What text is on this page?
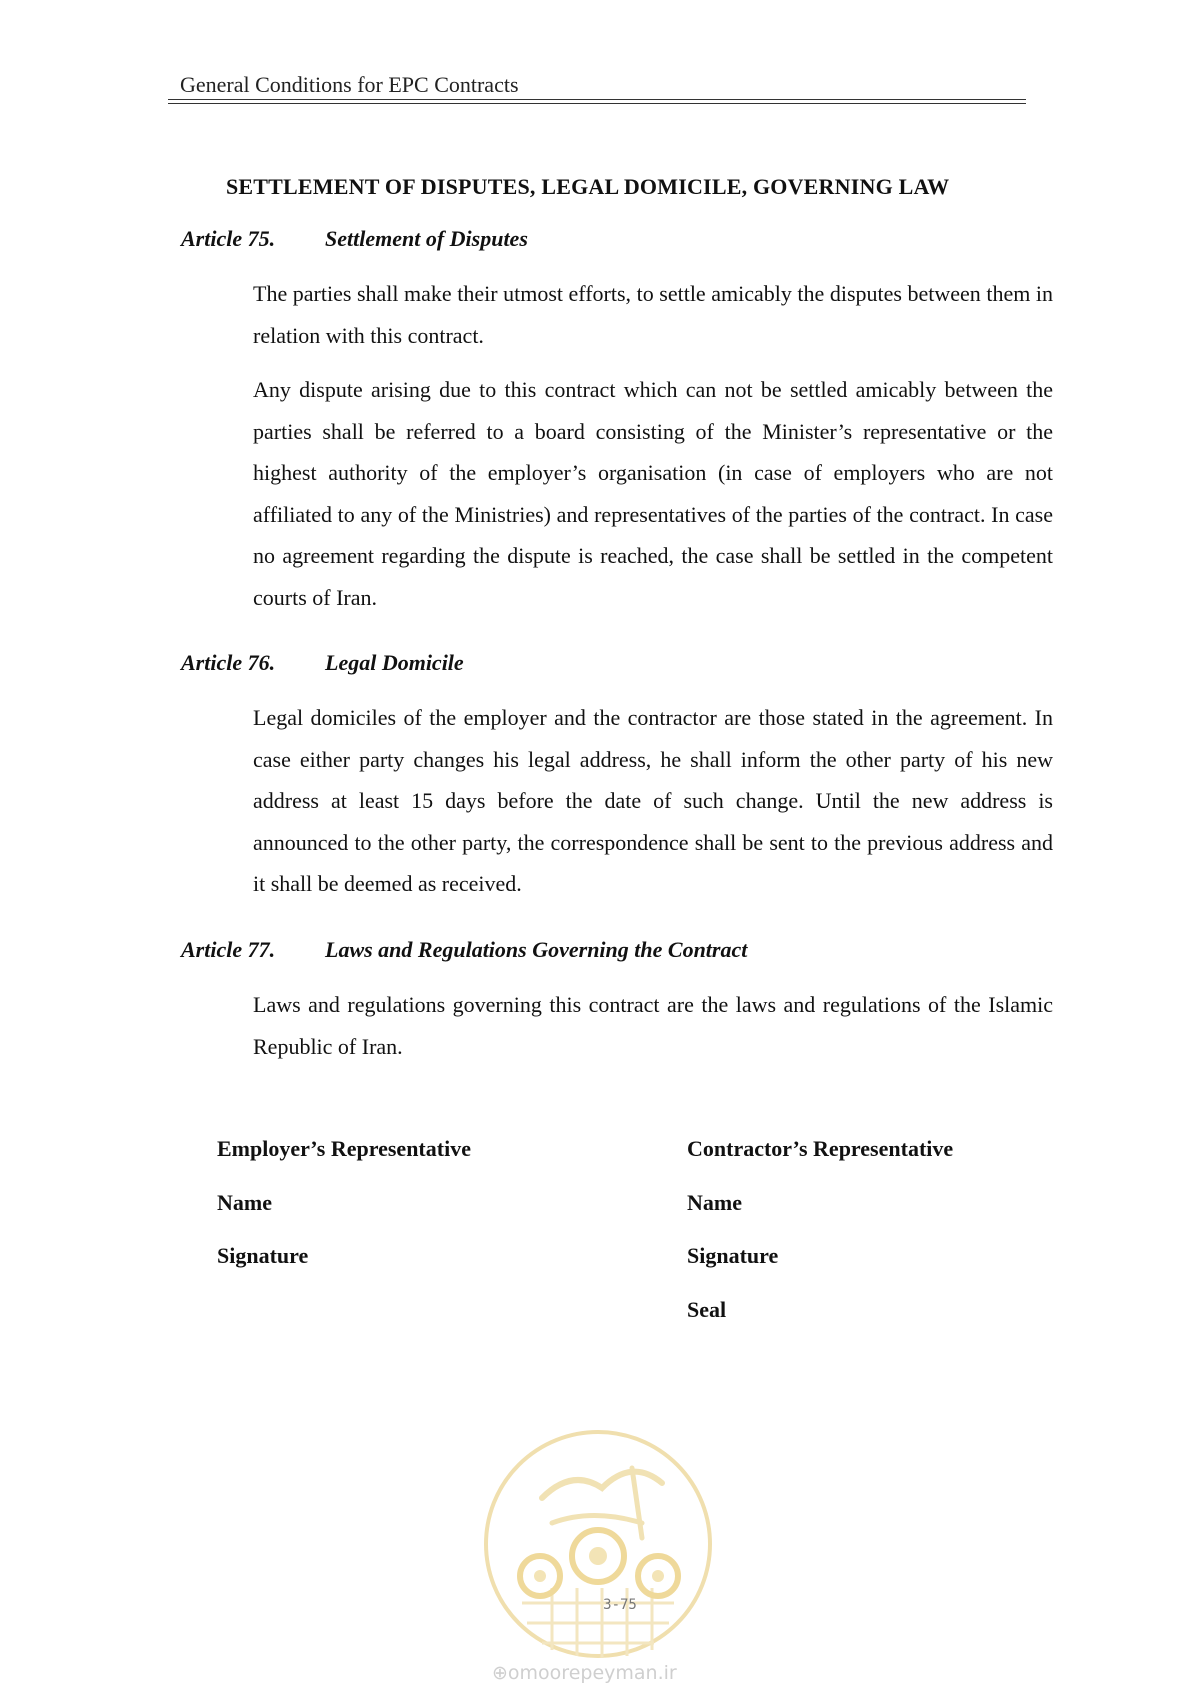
General Conditions for EPC Contracts
SETTLEMENT OF DISPUTES, LEGAL DOMICILE, GOVERNING LAW
Article 75. Settlement of Disputes

The parties shall make their utmost efforts, to settle amicably the disputes between them in relation with this contract.

Any dispute arising due to this contract which can not be settled amicably between the parties shall be referred to a board consisting of the Minister’s representative or the highest authority of the employer’s organisation (in case of employers who are not affiliated to any of the Ministries) and representatives of the parties of the contract. In case no agreement regarding the dispute is reached, the case shall be settled in the competent courts of Iran.

Article 76. Legal Domicile

Legal domiciles of the employer and the contractor are those stated in the agreement. In case either party changes his legal address, he shall inform the other party of his new address at least 15 days before the date of such change. Until the new address is announced to the other party, the correspondence shall be sent to the previous address and it shall be deemed as received.

Article 77. Laws and Regulations Governing the Contract

Laws and regulations governing this contract are the laws and regulations of the Islamic Republic of Iran.

Employer’s Representative
Name
Signature
Contractor’s Representative
Name
Signature
Seal
3-75
⊕omoorepeyman.ir
